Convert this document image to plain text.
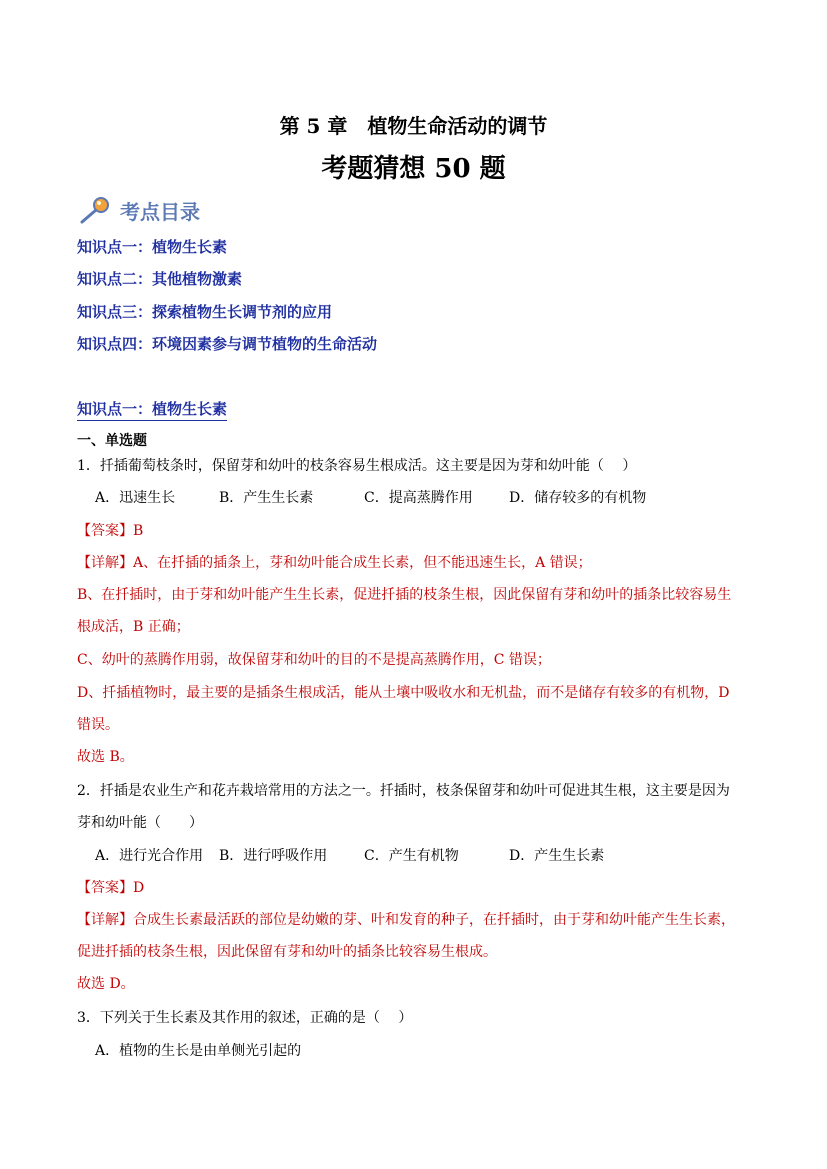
第 5 章　植物生命活动的调节
考题猜想 50 题
考点目录
知识点一：植物生长素
知识点二：其他植物激素
知识点三：探索植物生长调节剂的应用
知识点四：环境因素参与调节植物的生命活动
知识点一：植物生长素
一、单选题
1．扦插葡萄枝条时，保留芽和幼叶的枝条容易生根成活。这主要是因为芽和幼叶能（　 ）
A．迅速生长	B．产生生长素	C．提高蒸腾作用	D．储存较多的有机物
【答案】B
【详解】A、在扦插的插条上，芽和幼叶能合成生长素，但不能迅速生长，A 错误；
B、在扦插时，由于芽和幼叶能产生生长素，促进扦插的枝条生根，因此保留有芽和幼叶的插条比较容易生
根成活，B 正确；
C、幼叶的蒸腾作用弱，故保留芽和幼叶的目的不是提高蒸腾作用，C 错误；
D、扦插植物时，最主要的是插条生根成活，能从土壤中吸收水和无机盐，而不是储存有较多的有机物，D
错误。
故选 B。
2．扦插是农业生产和花卉栽培常用的方法之一。扦插时，枝条保留芽和幼叶可促进其生根，这主要是因为
芽和幼叶能（　　）
A．进行光合作用	B．进行呼吸作用	C．产生有机物	D．产生生长素
【答案】D
【详解】合成生长素最活跃的部位是幼嫩的芽、叶和发育的种子，在扦插时，由于芽和幼叶能产生生长素，
促进扦插的枝条生根，因此保留有芽和幼叶的插条比较容易生根成。
故选 D。
3．下列关于生长素及其作用的叙述，正确的是（　 ）
A．植物的生长是由单侧光引起的
